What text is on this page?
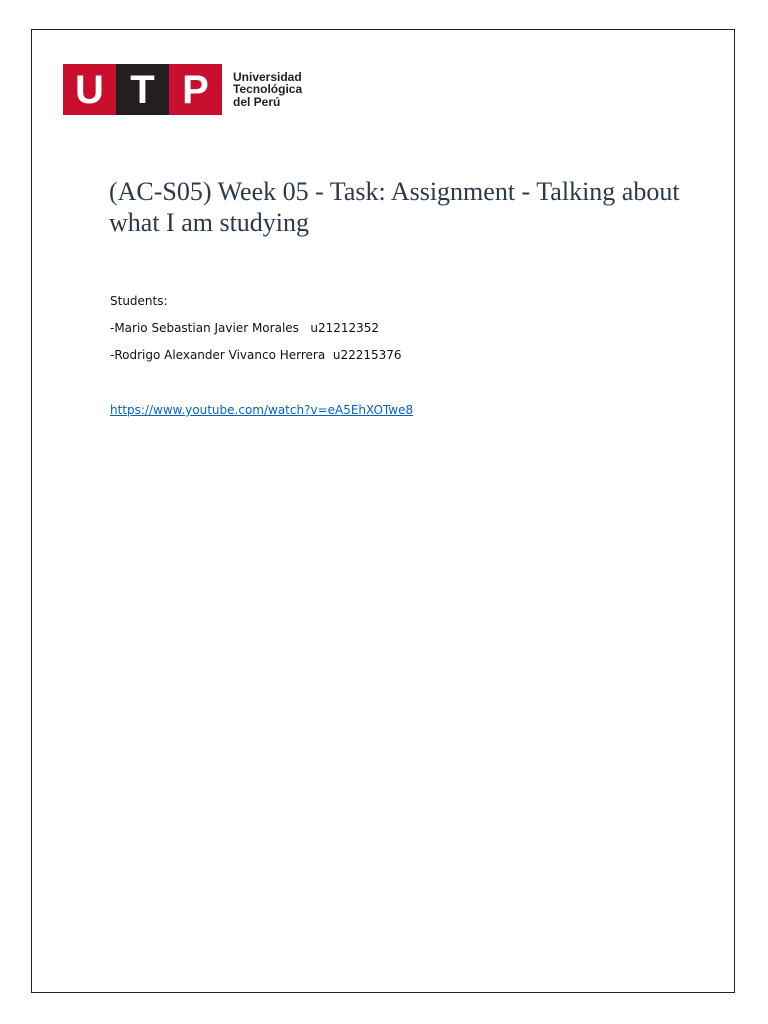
U T P	Universidad
Tecnológica
del Perú
(AC-S05) Week 05 - Task: Assignment - Talking about what I am studying

Students:

-Mario Sebastian Javier Morales   u21212352

-Rodrigo Alexander Vivanco Herrera  u22215376

https://www.youtube.com/watch?v=eA5EhXOTwe8
